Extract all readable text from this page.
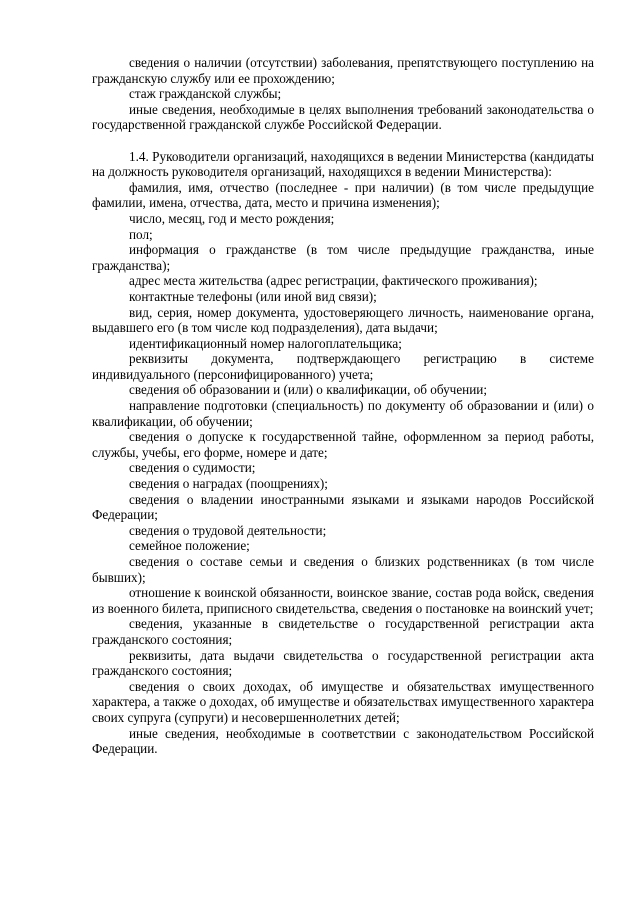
сведения о наличии (отсутствии) заболевания, препятствующего поступлению на гражданскую службу или ее прохождению;

стаж гражданской службы;

иные сведения, необходимые в целях выполнения требований законодательства о государственной гражданской службе Российской Федерации.

1.4. Руководители организаций, находящихся в ведении Министерства (кандидаты на должность руководителя организаций, находящихся в ведении Министерства):

фамилия, имя, отчество (последнее - при наличии) (в том числе предыдущие фамилии, имена, отчества, дата, место и причина изменения);

число, месяц, год и место рождения;

пол;

информация о гражданстве (в том числе предыдущие гражданства, иные гражданства);

адрес места жительства (адрес регистрации, фактического проживания);

контактные телефоны (или иной вид связи);

вид, серия, номер документа, удостоверяющего личность, наименование органа, выдавшего его (в том числе код подразделения), дата выдачи;

идентификационный номер налогоплательщика;

реквизиты документа, подтверждающего регистрацию в системе индивидуального (персонифицированного) учета;

сведения об образовании и (или) о квалификации, об обучении;

направление подготовки (специальность) по документу об образовании и (или) о квалификации, об обучении;

сведения о допуске к государственной тайне, оформленном за период работы, службы, учебы, его форме, номере и дате;

сведения о судимости;

сведения о наградах (поощрениях);

сведения о владении иностранными языками и языками народов Российской Федерации;

сведения о трудовой деятельности;

семейное положение;

сведения о составе семьи и сведения о близких родственниках (в том числе бывших);

отношение к воинской обязанности, воинское звание, состав рода войск, сведения из военного билета, приписного свидетельства, сведения о постановке на воинский учет;

сведения, указанные в свидетельстве о государственной регистрации акта гражданского состояния;

реквизиты, дата выдачи свидетельства о государственной регистрации акта гражданского состояния;

сведения о своих доходах, об имуществе и обязательствах имущественного характера, а также о доходах, об имуществе и обязательствах имущественного характера своих супруга (супруги) и несовершеннолетних детей;

иные сведения, необходимые в соответствии с законодательством Российской Федерации.
